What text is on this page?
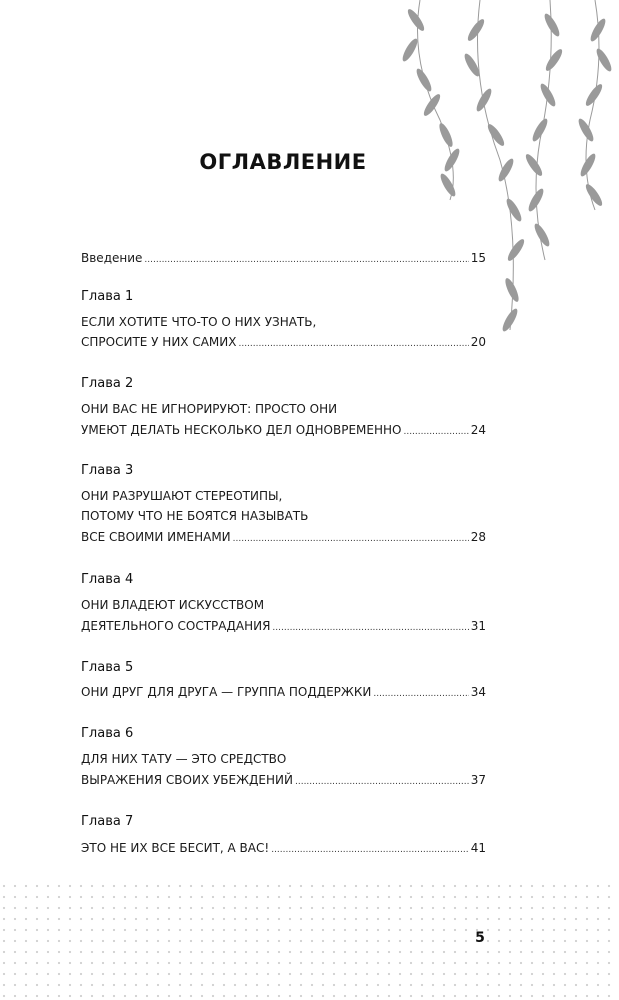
ОГЛАВЛЕНИЕ
Введение .....	15
Глава 1
ЕСЛИ ХОТИТЕ ЧТО-ТО О НИХ УЗНАТЬ,
СПРОСИТЕ У НИХ САМИХ .....	20
Глава 2
ОНИ ВАС НЕ ИГНОРИРУЮТ: ПРОСТО ОНИ
УМЕЮТ ДЕЛАТЬ НЕСКОЛЬКО ДЕЛ ОДНОВРЕМЕННО .....	24
Глава 3
ОНИ РАЗРУШАЮТ СТЕРЕОТИПЫ,
ПОТОМУ ЧТО НЕ БОЯТСЯ НАЗЫВАТЬ
ВСЕ СВОИМИ ИМЕНАМИ .....	28
Глава 4
ОНИ ВЛАДЕЮТ ИСКУССТВОМ
ДЕЯТЕЛЬНОГО СОСТРАДАНИЯ .....	31
Глава 5
ОНИ ДРУГ ДЛЯ ДРУГА — ГРУППА ПОДДЕРЖКИ .....	34
Глава 6
ДЛЯ НИХ ТАТУ — ЭТО СРЕДСТВО
ВЫРАЖЕНИЯ СВОИХ УБЕЖДЕНИЙ .....	37
Глава 7
ЭТО НЕ ИХ ВСЕ БЕСИТ, А ВАС! .....	41
5
